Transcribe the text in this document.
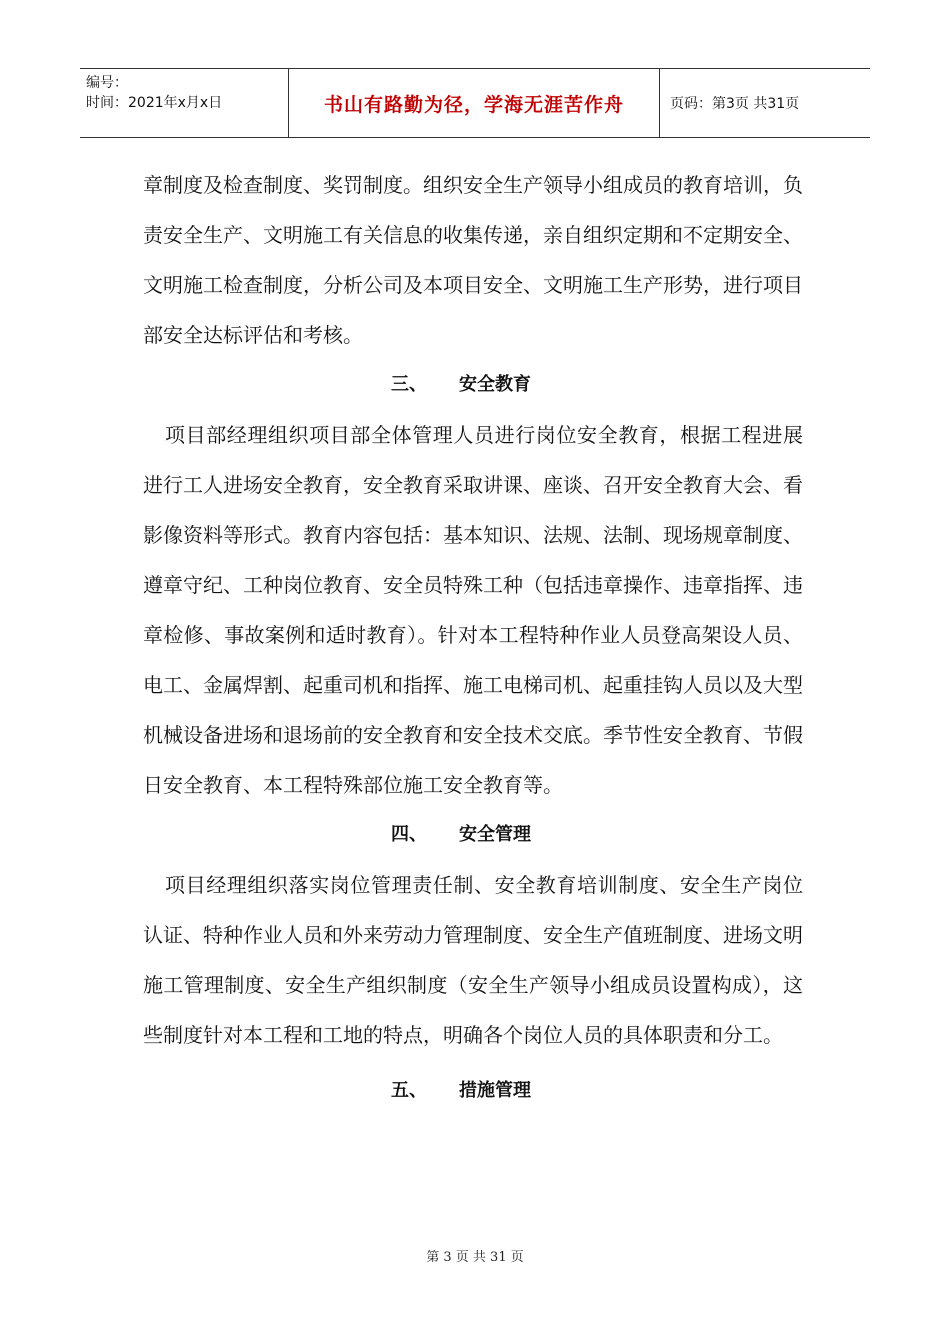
编号：
时间：2021年x月x日	书山有路勤为径，学海无涯苦作舟	页码：第3页 共31页

章制度及检查制度、奖罚制度。组织安全生产领导小组成员的教育培训，负责安全生产、文明施工有关信息的收集传递，亲自组织定期和不定期安全、文明施工检查制度，分析公司及本项目安全、文明施工生产形势，进行项目部安全达标评估和考核。

三、 安全教育

项目部经理组织项目部全体管理人员进行岗位安全教育，根据工程进展进行工人进场安全教育，安全教育采取讲课、座谈、召开安全教育大会、看影像资料等形式。教育内容包括：基本知识、法规、法制、现场规章制度、遵章守纪、工种岗位教育、安全员特殊工种（包括违章操作、违章指挥、违章检修、事故案例和适时教育）。针对本工程特种作业人员登高架设人员、电工、金属焊割、起重司机和指挥、施工电梯司机、起重挂钩人员以及大型机械设备进场和退场前的安全教育和安全技术交底。季节性安全教育、节假日安全教育、本工程特殊部位施工安全教育等。

四、 安全管理

项目经理组织落实岗位管理责任制、安全教育培训制度、安全生产岗位认证、特种作业人员和外来劳动力管理制度、安全生产值班制度、进场文明施工管理制度、安全生产组织制度（安全生产领导小组成员设置构成），这些制度针对本工程和工地的特点，明确各个岗位人员的具体职责和分工。

五、 措施管理

第 3 页 共 31 页
